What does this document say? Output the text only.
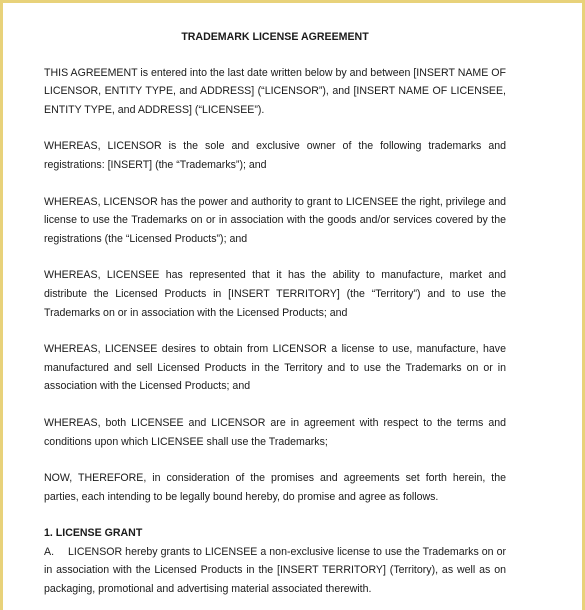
TRADEMARK LICENSE AGREEMENT

THIS AGREEMENT is entered into the last date written below by and between [INSERT NAME OF LICENSOR, ENTITY TYPE, and ADDRESS] (“LICENSOR”), and [INSERT NAME OF LICENSEE, ENTITY TYPE, and ADDRESS] (“LICENSEE”).

WHEREAS, LICENSOR is the sole and exclusive owner of the following trademarks and registrations: [INSERT] (the “Trademarks”); and

WHEREAS, LICENSOR has the power and authority to grant to LICENSEE the right, privilege and license to use the Trademarks on or in association with the goods and/or services covered by the registrations (the “Licensed Products”); and

WHEREAS, LICENSEE has represented that it has the ability to manufacture, market and distribute the Licensed Products in [INSERT TERRITORY] (the “Territory”) and to use the Trademarks on or in association with the Licensed Products; and

WHEREAS, LICENSEE desires to obtain from LICENSOR a license to use, manufacture, have manufactured and sell Licensed Products in the Territory and to use the Trademarks on or in association with the Licensed Products; and

WHEREAS, both LICENSEE and LICENSOR are in agreement with respect to the terms and conditions upon which LICENSEE shall use the Trademarks;

NOW, THEREFORE, in consideration of the promises and agreements set forth herein, the parties, each intending to be legally bound hereby, do promise and agree as follows.

1. LICENSE GRANT

A. LICENSOR hereby grants to LICENSEE a non-exclusive license to use the Trademarks on or in association with the Licensed Products in the [INSERT TERRITORY] (Territory), as well as on packaging, promotional and advertising material associated therewith.
